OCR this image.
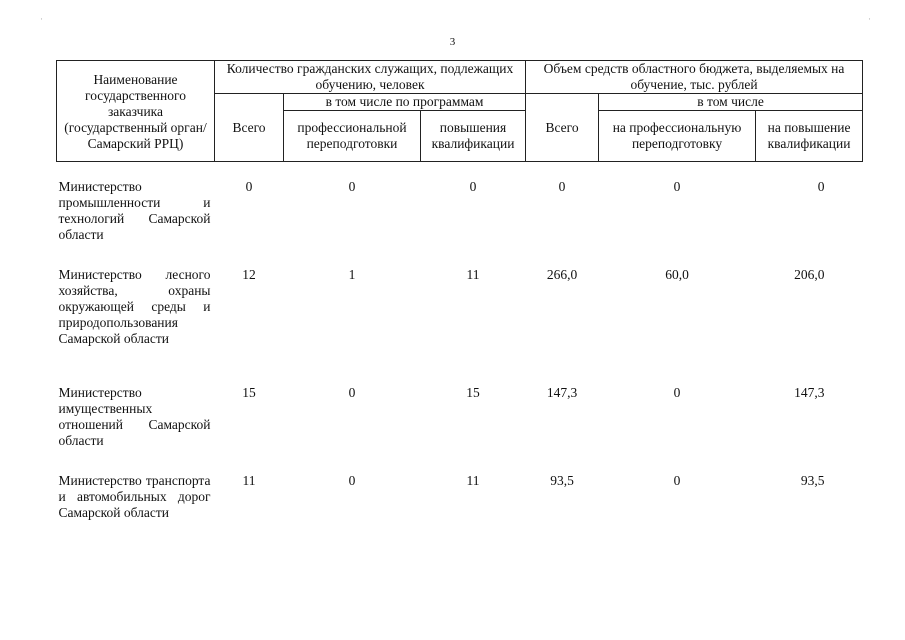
·	·
3
Наименование государственного заказчика (государственный орган/Самарский РРЦ)	Количество гражданских служащих, подлежащих обучению, человек			Объем средств областного бюджета, выделяемых на обучение, тыс. рублей		
	Всего	в том числе по программам		Всего	в том числе	
		профессиональной переподготовки	повышения квалификации		на профессиональную переподготовку	на повышение квалификации

Министерство промышленности и технологий Самарской области	0	0	0	0	0	0
Министерство лесного хозяйства, охраны окружающей среды и природопользования Самарской области	12	1	11	266,0	60,0	206,0
Министерство имущественных отношений Самарской области	15	0	15	147,3	0	147,3
Министерство транспорта и автомобильных дорог Самарской области	11	0	11	93,5	0	93,5
